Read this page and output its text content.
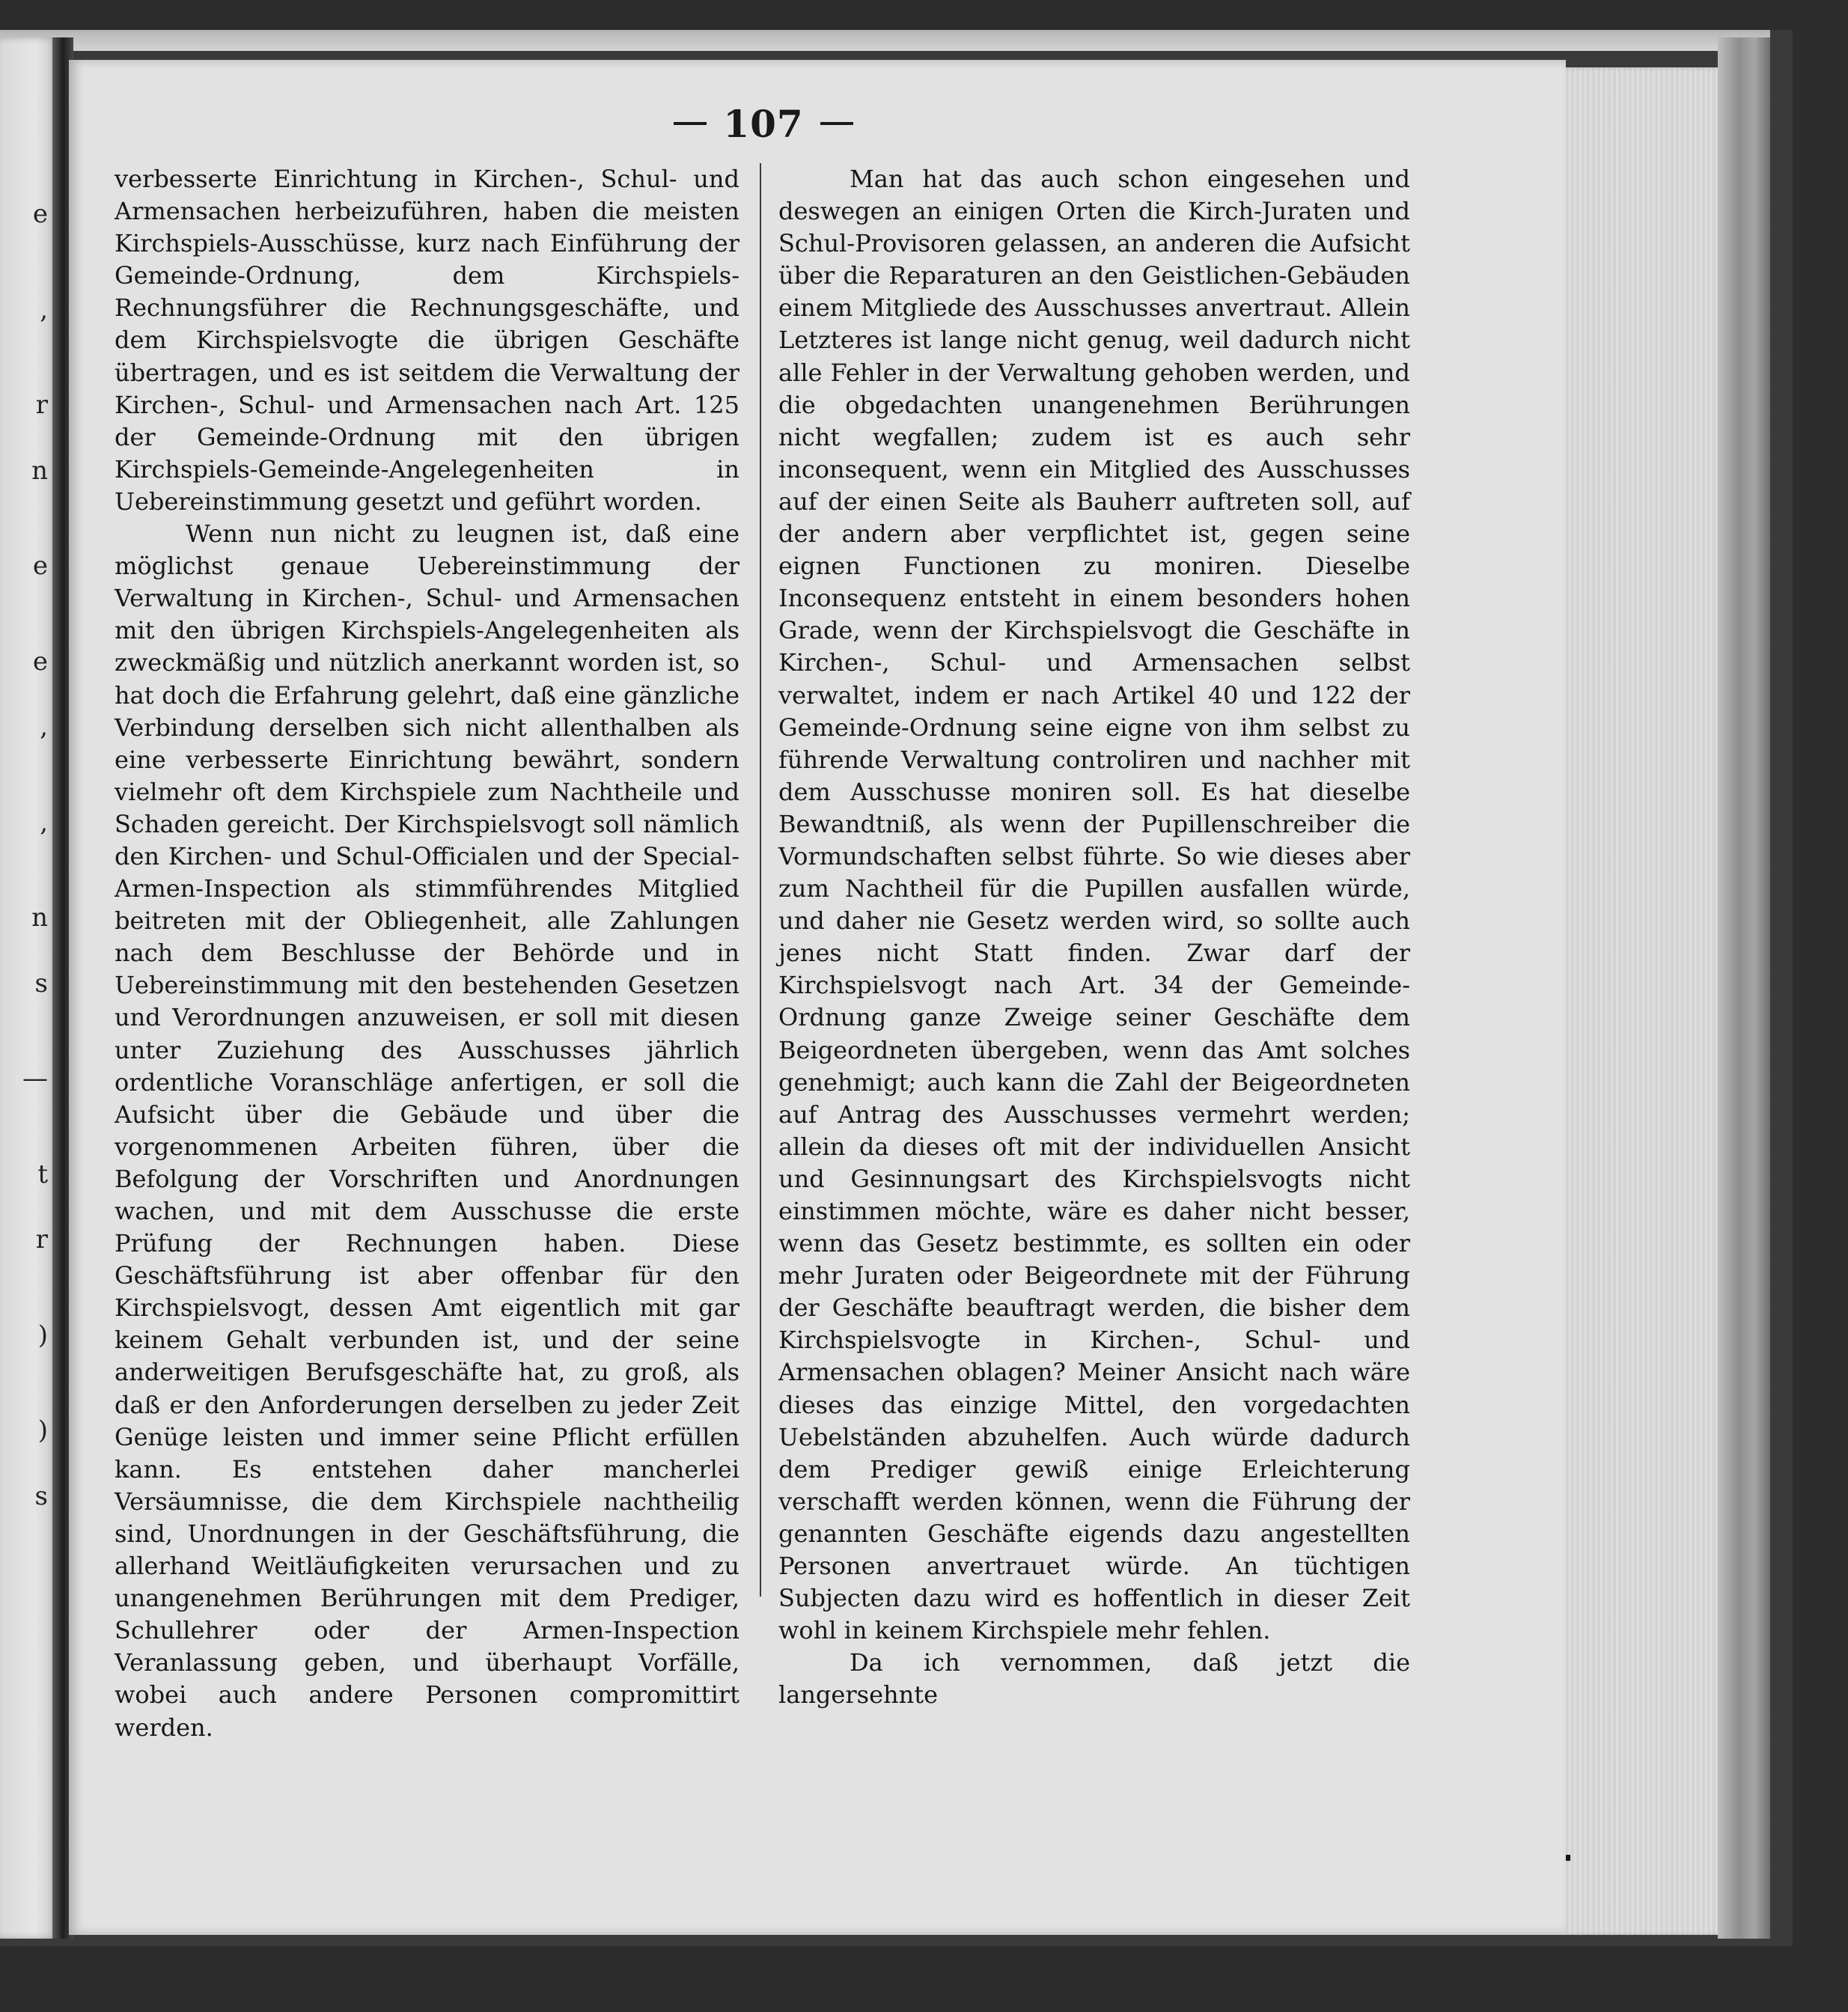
e
,
r
n
e
e
,
,
n
s
—
t
r
)
)
s
107

verbesserte Einrichtung in Kirchen-, Schul- und Armensachen herbeizuführen, haben die meisten Kirchspiels-Ausschüsse, kurz nach Einführung der Gemeinde-Ordnung, dem Kirchspiels-Rechnungsführer die Rechnungsgeschäfte, und dem Kirchspielsvogte die übrigen Geschäfte übertragen, und es ist seitdem die Verwaltung der Kirchen-, Schul- und Armensachen nach Art. 125 der Gemeinde-Ordnung mit den übrigen Kirchspiels-Gemeinde-Angelegenheiten in Uebereinstimmung gesetzt und geführt worden.

Wenn nun nicht zu leugnen ist, daß eine möglichst genaue Uebereinstimmung der Verwaltung in Kirchen-, Schul- und Armensachen mit den übrigen Kirchspiels-Angelegenheiten als zweckmäßig und nützlich anerkannt worden ist, so hat doch die Erfahrung gelehrt, daß eine gänzliche Verbindung derselben sich nicht allenthalben als eine verbesserte Einrichtung bewährt, sondern vielmehr oft dem Kirchspiele zum Nachtheile und Schaden gereicht. Der Kirchspielsvogt soll nämlich den Kirchen- und Schul-Officialen und der Special-Armen-Inspection als stimmführendes Mitglied beitreten mit der Obliegenheit, alle Zahlungen nach dem Beschlusse der Behörde und in Uebereinstimmung mit den bestehenden Gesetzen und Verordnungen anzuweisen, er soll mit diesen unter Zuziehung des Ausschusses jährlich ordentliche Voranschläge anfertigen, er soll die Aufsicht über die Gebäude und über die vorgenommenen Arbeiten führen, über die Befolgung der Vorschriften und Anordnungen wachen, und mit dem Ausschusse die erste Prüfung der Rechnungen haben. Diese Geschäftsführung ist aber offenbar für den Kirchspielsvogt, dessen Amt eigentlich mit gar keinem Gehalt verbunden ist, und der seine anderweitigen Berufsgeschäfte hat, zu groß, als daß er den Anforderungen derselben zu jeder Zeit Genüge leisten und immer seine Pflicht erfüllen kann. Es entstehen daher mancherlei Versäumnisse, die dem Kirchspiele nachtheilig sind, Unordnungen in der Geschäftsführung, die allerhand Weitläufigkeiten verursachen und zu unangenehmen Berührungen mit dem Prediger, Schullehrer oder der Armen-Inspection Veranlassung geben, und überhaupt Vorfälle, wobei auch andere Personen compromittirt werden.

Man hat das auch schon eingesehen und deswegen an einigen Orten die Kirch-Juraten und Schul-Provisoren gelassen, an anderen die Aufsicht über die Reparaturen an den Geistlichen-Gebäuden einem Mitgliede des Ausschusses anvertraut. Allein Letzteres ist lange nicht genug, weil dadurch nicht alle Fehler in der Verwaltung gehoben werden, und die obgedachten unangenehmen Berührungen nicht wegfallen; zudem ist es auch sehr inconsequent, wenn ein Mitglied des Ausschusses auf der einen Seite als Bauherr auftreten soll, auf der andern aber verpflichtet ist, gegen seine eignen Functionen zu moniren. Dieselbe Inconsequenz entsteht in einem besonders hohen Grade, wenn der Kirchspielsvogt die Geschäfte in Kirchen-, Schul- und Armensachen selbst verwaltet, indem er nach Artikel 40 und 122 der Gemeinde-Ordnung seine eigne von ihm selbst zu führende Verwaltung controliren und nachher mit dem Ausschusse moniren soll. Es hat dieselbe Bewandtniß, als wenn der Pupillenschreiber die Vormundschaften selbst führte. So wie dieses aber zum Nachtheil für die Pupillen ausfallen würde, und daher nie Gesetz werden wird, so sollte auch jenes nicht Statt finden. Zwar darf der Kirchspielsvogt nach Art. 34 der Gemeinde-Ordnung ganze Zweige seiner Geschäfte dem Beigeordneten übergeben, wenn das Amt solches genehmigt; auch kann die Zahl der Beigeordneten auf Antrag des Ausschusses vermehrt werden; allein da dieses oft mit der individuellen Ansicht und Gesinnungsart des Kirchspielsvogts nicht einstimmen möchte, wäre es daher nicht besser, wenn das Gesetz bestimmte, es sollten ein oder mehr Juraten oder Beigeordnete mit der Führung der Geschäfte beauftragt werden, die bisher dem Kirchspielsvogte in Kirchen-, Schul- und Armensachen oblagen? Meiner Ansicht nach wäre dieses das einzige Mittel, den vorgedachten Uebelständen abzuhelfen. Auch würde dadurch dem Prediger gewiß einige Erleichterung verschafft werden können, wenn die Führung der genannten Geschäfte eigends dazu angestellten Personen anvertrauet würde. An tüchtigen Subjecten dazu wird es hoffentlich in dieser Zeit wohl in keinem Kirchspiele mehr fehlen.

Da ich vernommen, daß jetzt die langersehnte
